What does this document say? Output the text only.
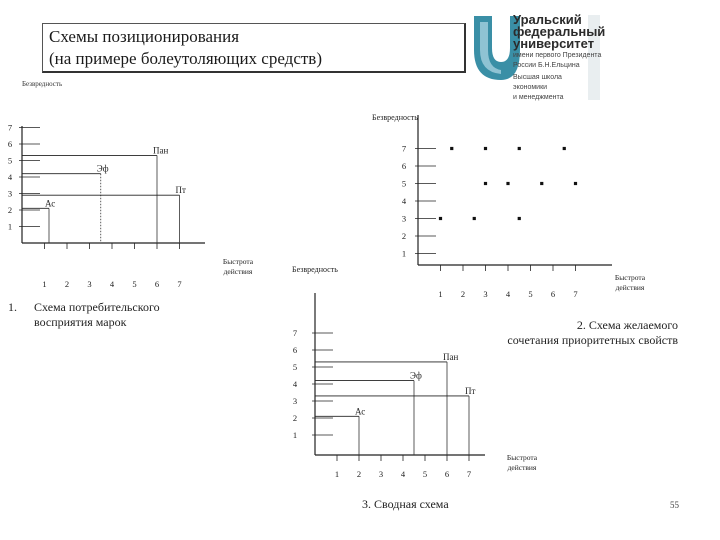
Схемы позиционирования
(на примере болеутоляющих средств)
Уральский
федеральный
университет
имени первого Президента
России Б.Н.Ельцина
Высшая школа
экономики
и менеджмента
Безвредность
1
2
3
4
5
6
7
1 2 3 4 5 6 7
Быстрота
действия
Пан
Эф
Пт
Ас
1
2
3
4
5
6
7
1 2 3 4 5 6 7
Быстрота
действия
Безвредность
1
2
3
4
5
6
7
1 2 3 4 5 6 7
Быстрота
действия
Безвредность
Пан
Эф
Пт
Ас
1. Схема потребительского
восприятия марок	2. Схема желаемого
сочетания приоритетных свойств
3. Сводная схема	55
